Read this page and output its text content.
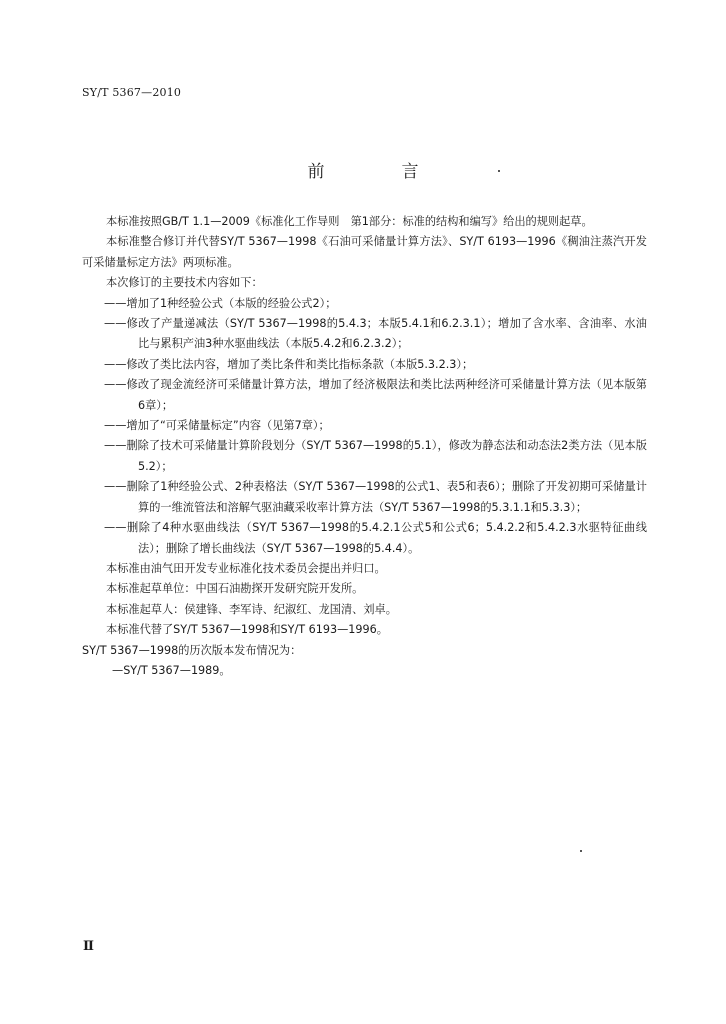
SY/T 5367—2010
前　言

本标准按照GB/T 1.1—2009《标准化工作导则　第1部分：标准的结构和编写》给出的规则起草。

本标准整合修订并代替SY/T 5367—1998《石油可采储量计算方法》、SY/T 6193—1996《稠油注蒸汽开发可采储量标定方法》两项标准。

本次修订的主要技术内容如下：

——增加了1种经验公式（本版的经验公式2）；

——修改了产量递减法（SY/T 5367—1998的5.4.3；本版5.4.1和6.2.3.1）；增加了含水率、含油率、水油比与累积产油3种水驱曲线法（本版5.4.2和6.2.3.2）；

——修改了类比法内容，增加了类比条件和类比指标条款（本版5.3.2.3）；

——修改了现金流经济可采储量计算方法，增加了经济极限法和类比法两种经济可采储量计算方法（见本版第6章）；

——增加了“可采储量标定”内容（见第7章）；

——删除了技术可采储量计算阶段划分（SY/T 5367—1998的5.1），修改为静态法和动态法2类方法（见本版5.2）；

——删除了1种经验公式、2种表格法（SY/T 5367—1998的公式1、表5和表6）；删除了开发初期可采储量计算的一维流管法和溶解气驱油藏采收率计算方法（SY/T 5367—1998的5.3.1.1和5.3.3）；

——删除了4种水驱曲线法（SY/T 5367—1998的5.4.2.1公式5和公式6；5.4.2.2和5.4.2.3水驱特征曲线法）；删除了增长曲线法（SY/T 5367—1998的5.4.4）。

本标准由油气田开发专业标准化技术委员会提出并归口。

本标准起草单位：中国石油勘探开发研究院开发所。

本标准起草人：侯建锋、李军诗、纪淑红、龙国清、刘卓。

本标准代替了SY/T 5367—1998和SY/T 6193—1996。

SY/T 5367—1998的历次版本发布情况为：

—SY/T 5367—1989。

Ⅱ
